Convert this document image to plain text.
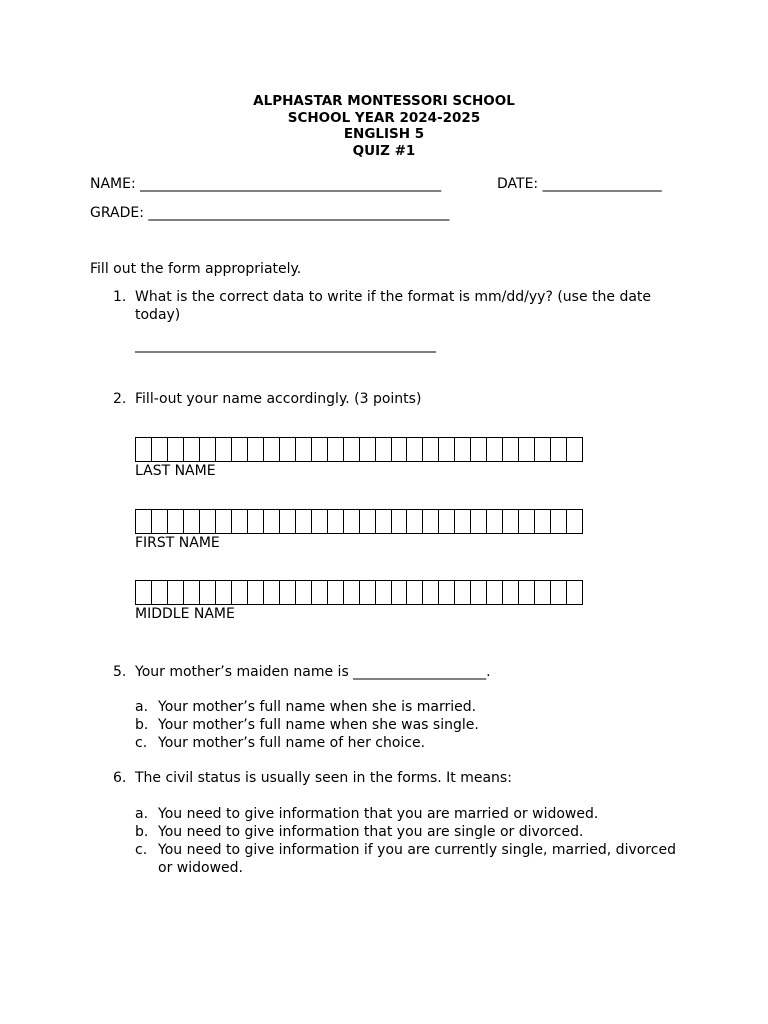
ALPHASTAR MONTESSORI SCHOOL
SCHOOL YEAR 2024-2025
ENGLISH 5
QUIZ #1
NAME: ___________________________________________	DATE: _________________
GRADE: ___________________________________________
Fill out the form appropriately.
1. What is the correct data to write if the format is mm/dd/yy? (use the date
today)
___________________________________________
2. Fill-out your name accordingly. (3 points)
LAST NAME
FIRST NAME
MIDDLE NAME
5. Your mother’s maiden name is ___________________.
a. Your mother’s full name when she is married.
b. Your mother’s full name when she was single.
c. Your mother’s full name of her choice.
6. The civil status is usually seen in the forms. It means:
a. You need to give information that you are married or widowed.
b. You need to give information that you are single or divorced.
c. You need to give information if you are currently single, married, divorced
or widowed.
